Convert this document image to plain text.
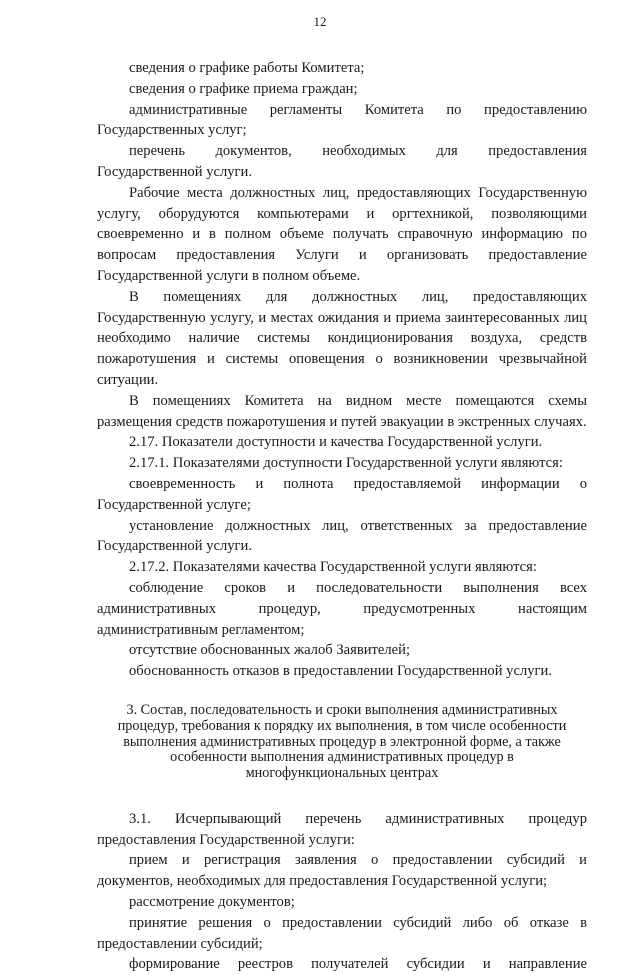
12

сведения о графике работы Комитета;

сведения о графике приема граждан;

административные регламенты Комитета по предоставлению Государственных услуг;

перечень документов, необходимых для предоставления Государственной услуги.

Рабочие места должностных лиц, предоставляющих Государственную услугу, оборудуются компьютерами и оргтехникой, позволяющими своевременно и в полном объеме получать справочную информацию по вопросам предоставления Услуги и организовать предоставление Государственной услуги в полном объеме.

В помещениях для должностных лиц, предоставляющих Государственную услугу, и местах ожидания и приема заинтересованных лиц необходимо наличие системы кондиционирования воздуха, средств пожаротушения и системы оповещения о возникновении чрезвычайной ситуации.

В помещениях Комитета на видном месте помещаются схемы размещения средств пожаротушения и путей эвакуации в экстренных случаях.

2.17. Показатели доступности и качества Государственной услуги.

2.17.1. Показателями доступности Государственной услуги являются:

своевременность и полнота предоставляемой информации о Государственной услуге;

установление должностных лиц, ответственных за предоставление Государственной услуги.

2.17.2. Показателями качества Государственной услуги являются:

соблюдение сроков и последовательности выполнения всех административных процедур, предусмотренных настоящим административным регламентом;

отсутствие обоснованных жалоб Заявителей;

обоснованность отказов в предоставлении Государственной услуги.

3. Состав, последовательность и сроки выполнения административных процедур, требования к порядку их выполнения, в том числе особенности выполнения административных процедур в электронной форме, а также особенности выполнения административных процедур в многофункциональных центрах

3.1. Исчерпывающий перечень административных процедур предоставления Государственной услуги:

прием и регистрация заявления о предоставлении субсидий и документов, необходимых для предоставления Государственной услуги;

рассмотрение документов;

принятие решения о предоставлении субсидий либо об отказе в предоставлении субсидий;

формирование реестров получателей субсидии и направление
